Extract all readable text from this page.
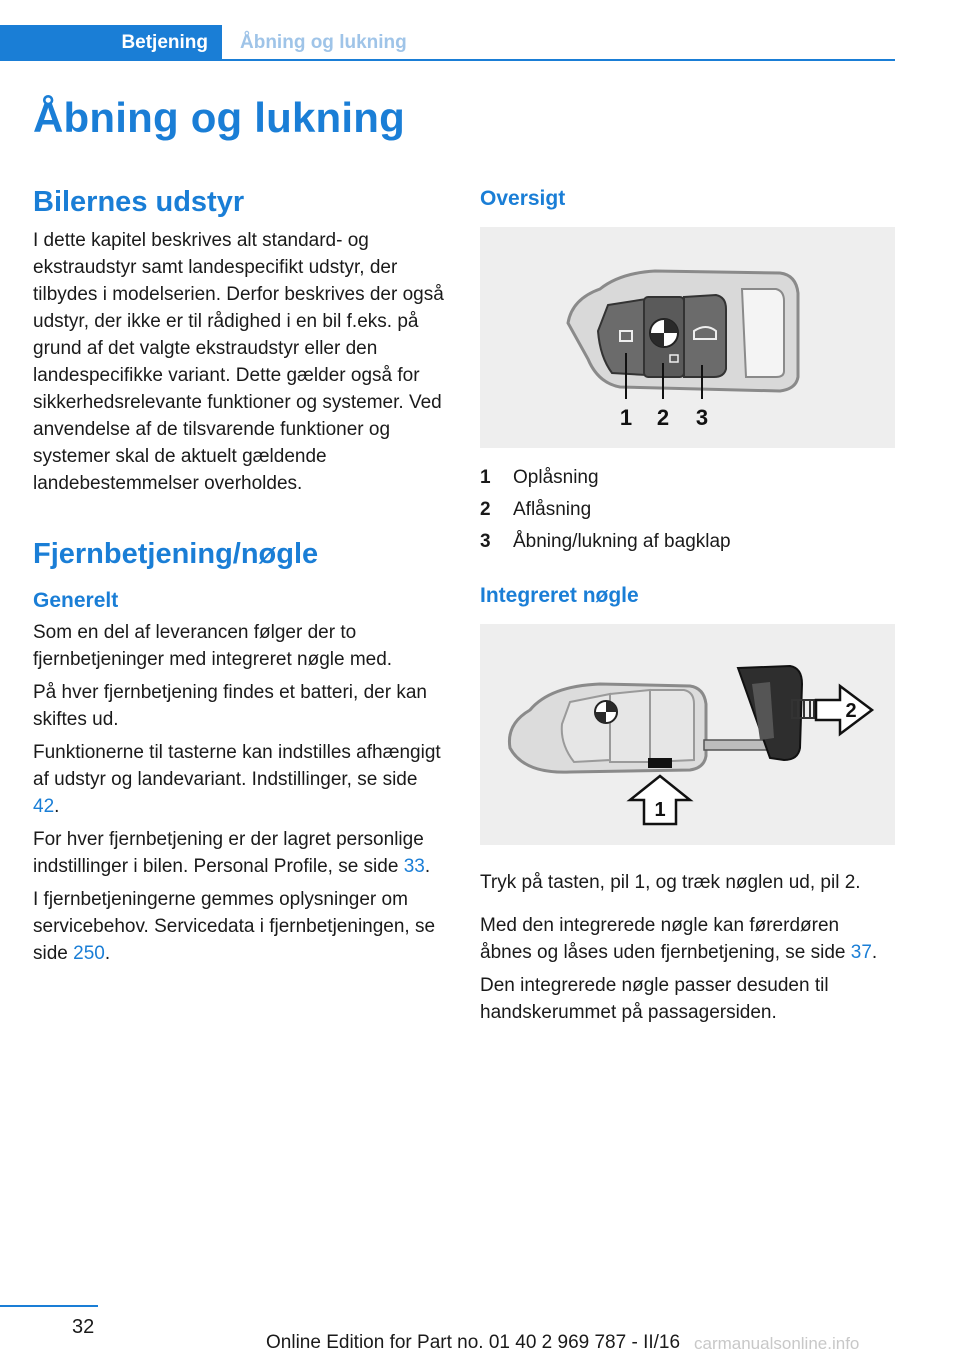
Betjening	Åbning og lukning
Åbning og lukning
Bilernes udstyr

I dette kapitel beskrives alt standard- og ekstraudstyr samt landespecifikt udstyr, der tilbydes i modelserien. Derfor beskrives der også udstyr, der ikke er til rådighed i en bil f.eks. på grund af det valgte ekstraudstyr eller den landespecifikke variant. Dette gælder også for sikkerhedsrelevante funktioner og systemer. Ved anvendelse af de tilsvarende funktioner og systemer skal de aktuelt gældende landebestemmelser overholdes.

Fjernbetjening/nøgle
Generelt

Som en del af leverancen følger der to fjernbetjeninger med integreret nøgle med.

På hver fjernbetjening findes et batteri, der kan skiftes ud.

Funktionerne til tasterne kan indstilles afhængigt af udstyr og landevariant. Indstillinger, se side 42.

For hver fjernbetjening er der lagret personlige indstillinger i bilen. Personal Profile, se side 33.

I fjernbetjeningerne gemmes oplysninger om servicebehov. Servicedata i fjernbetjeningen, se side 250.

Oversigt
1 2 3
1	Oplåsning
2	Aflåsning
3	Åbning/lukning af bagklap
Integreret nøgle
2
1

Tryk på tasten, pil 1, og træk nøglen ud, pil 2.

Med den integrerede nøgle kan førerdøren åbnes og låses uden fjernbetjening, se side 37.

Den integrerede nøgle passer desuden til handskerummet på passagersiden.

32
Online Edition for Part no. 01 40 2 969 787 - II/16 carmanualsonline.info
